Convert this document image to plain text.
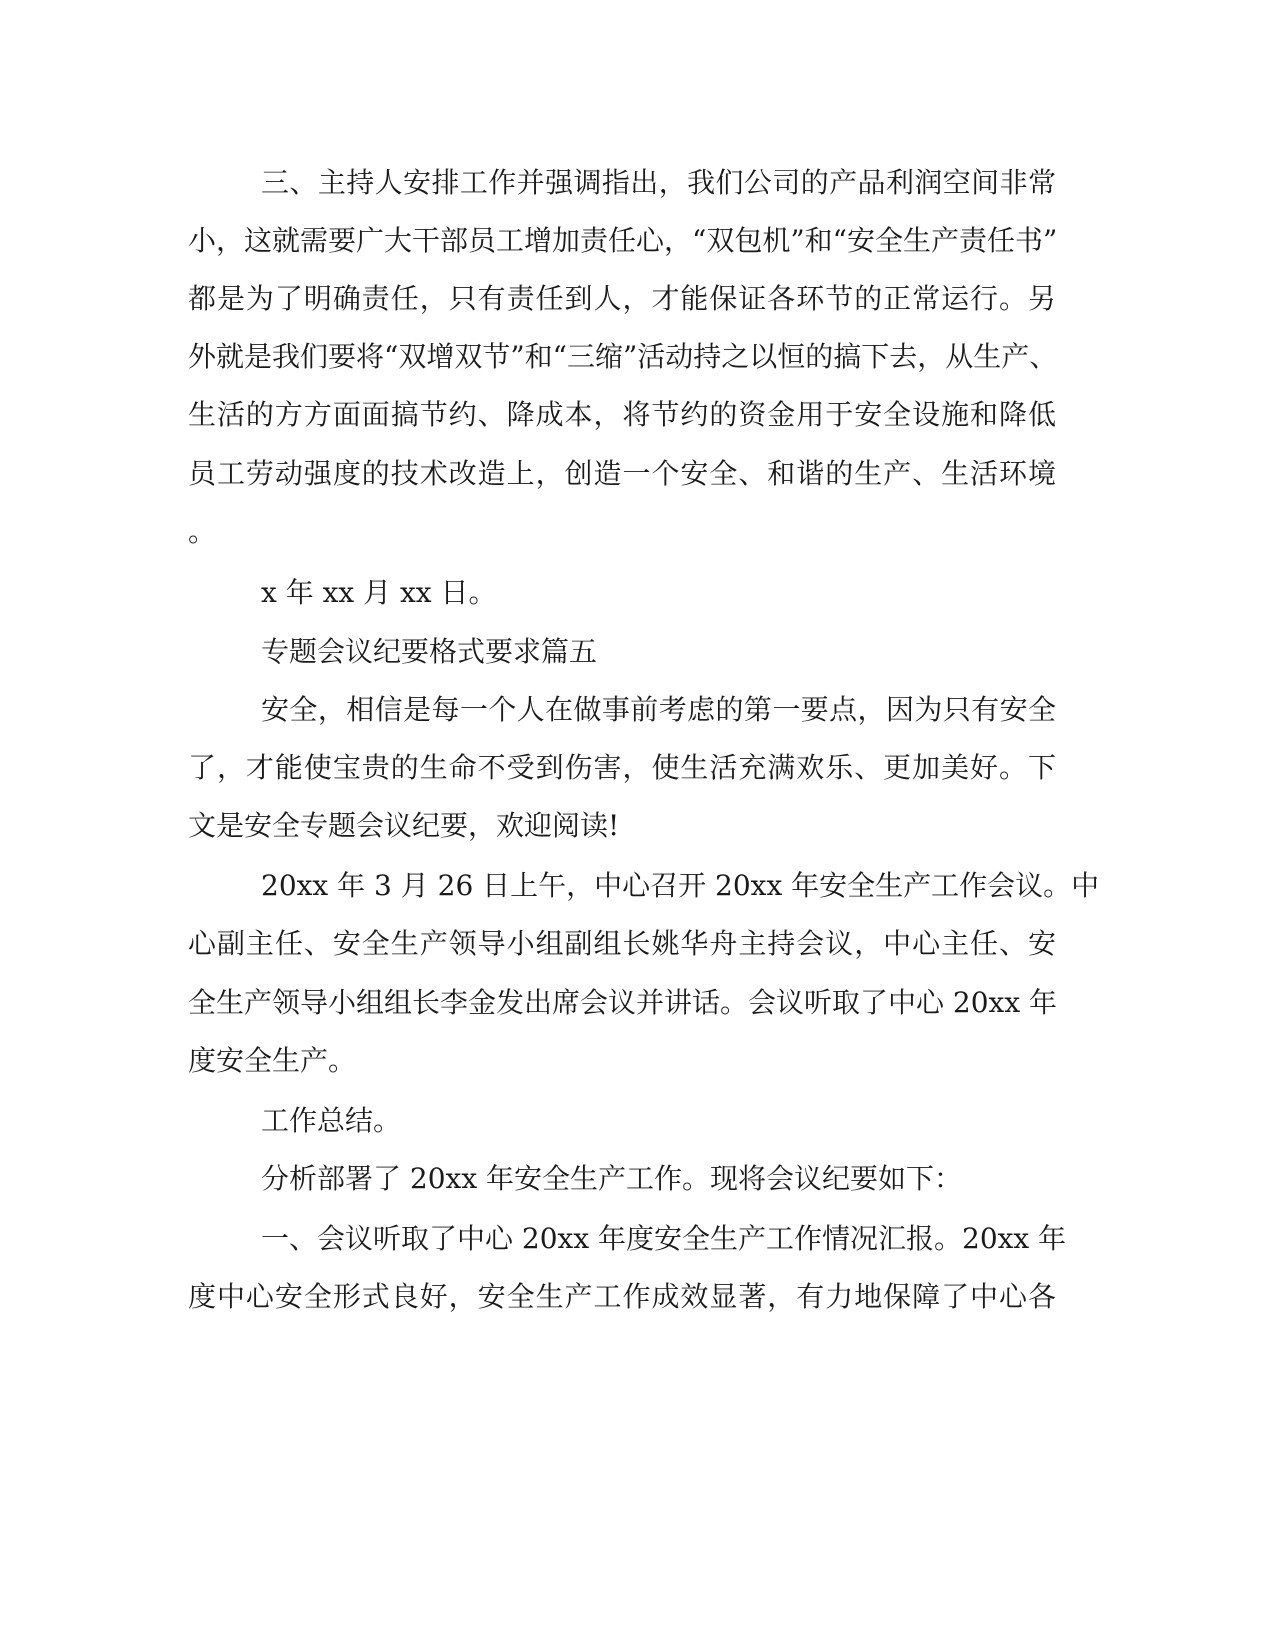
三、主持人安排工作并强调指出，我们公司的产品利润空间非常

小，这就需要广大干部员工增加责任心，“双包机”和“安全生产责任书”

都是为了明确责任，只有责任到人，才能保证各环节的正常运行。另

外就是我们要将“双增双节”和“三缩”活动持之以恒的搞下去，从生产、

生活的方方面面搞节约、降成本，将节约的资金用于安全设施和降低

员工劳动强度的技术改造上，创造一个安全、和谐的生产、生活环境

。

x 年 xx 月 xx 日。

专题会议纪要格式要求篇五

安全，相信是每一个人在做事前考虑的第一要点，因为只有安全

了，才能使宝贵的生命不受到伤害，使生活充满欢乐、更加美好。下

文是安全专题会议纪要，欢迎阅读!

20xx 年 3 月 26 日上午，中心召开 20xx 年安全生产工作会议。中

心副主任、安全生产领导小组副组长姚华舟主持会议，中心主任、安

全生产领导小组组长李金发出席会议并讲话。会议听取了中心 20xx 年

度安全生产。

工作总结。

分析部署了 20xx 年安全生产工作。现将会议纪要如下：

一、会议听取了中心 20xx 年度安全生产工作情况汇报。20xx 年

度中心安全形式良好，安全生产工作成效显著，有力地保障了中心各
